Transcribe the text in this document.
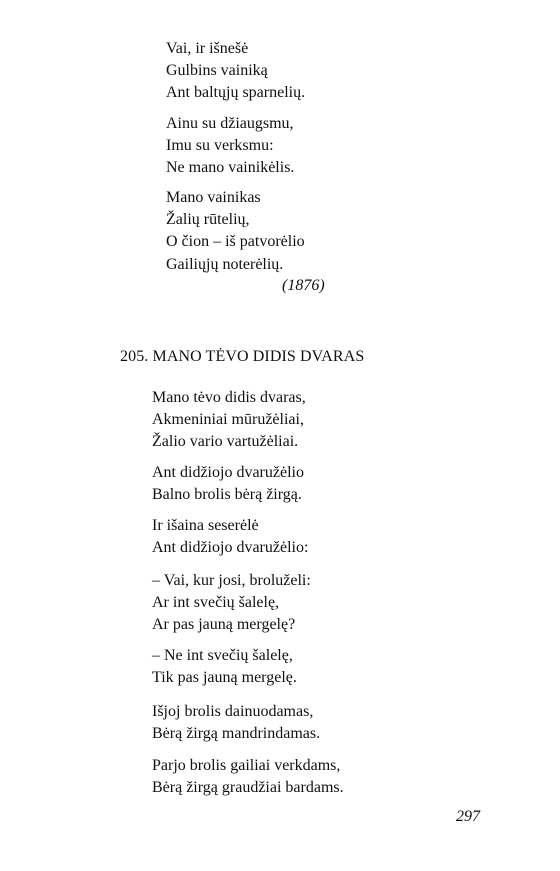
Vai, ir išnešė
Gulbins vainiką
Ant baltųjų sparnelių.
Ainu su džiaugsmu,
Imu su verksmu:
Ne mano vainikėlis.
Mano vainikas
Žalių rūtelių,
O čion – iš patvorėlio
Gailiųjų noterėlių.
(1876)
205. MANO TĖVO DIDIS DVARAS
Mano tėvo didis dvaras,
Akmeniniai mūružėliai,
Žalio vario vartužėliai.
Ant didžiojo dvaružėlio
Balno brolis bėrą žirgą.
Ir išaina seserėlė
Ant didžiojo dvaružėlio:
– Vai, kur josi, broluželi:
Ar int svečių šalelę,
Ar pas jauną mergelę?
– Ne int svečių šalelę,
Tik pas jauną mergelę.
Išjoj brolis dainuodamas,
Bėrą žirgą mandrindamas.
Parjo brolis gailiai verkdams,
Bėrą žirgą graudžiai bardams.
297
